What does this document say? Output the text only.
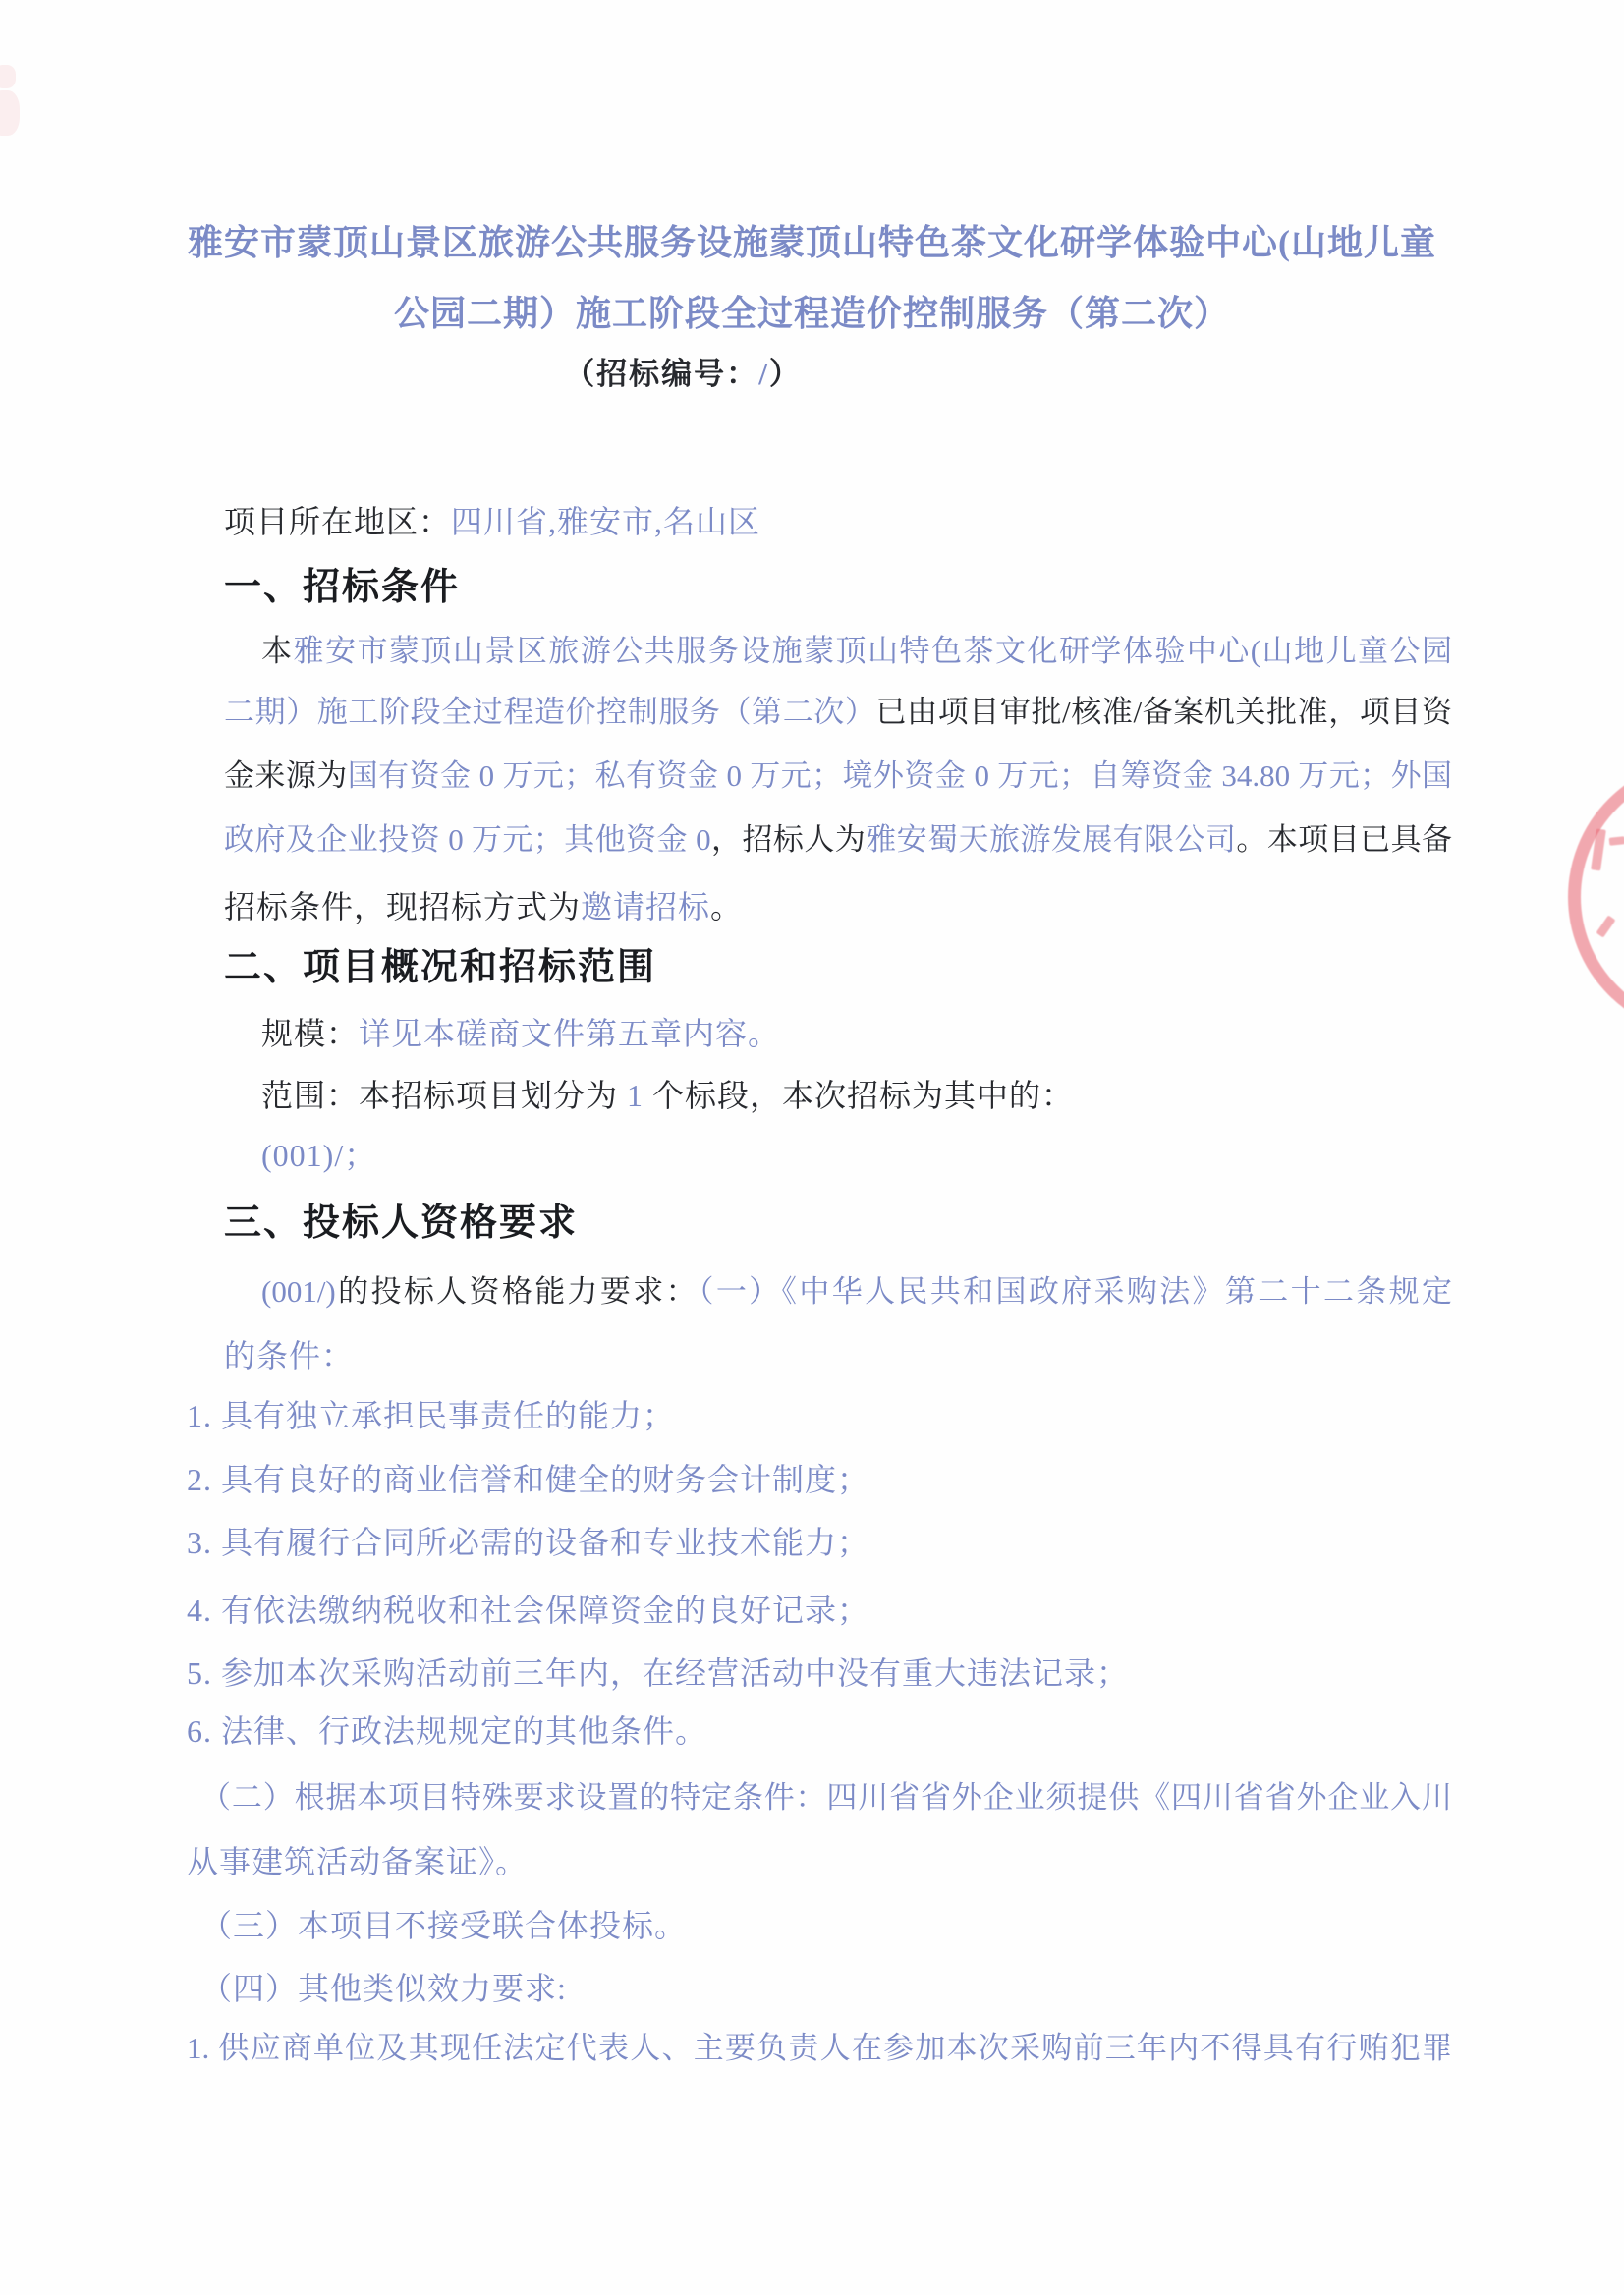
雅安市蒙顶山景区旅游公共服务设施蒙顶山特色茶文化研学体验中心(山地儿童
公园二期）施工阶段全过程造价控制服务（第二次）
（招标编号：/）
项目所在地区：四川省,雅安市,名山区
一、招标条件
本雅安市蒙顶山景区旅游公共服务设施蒙顶山特色茶文化研学体验中心(山地儿童公园
二期）施工阶段全过程造价控制服务（第二次）已由项目审批/核准/备案机关批准，项目资
金来源为国有资金 0 万元；私有资金 0 万元；境外资金 0 万元；自筹资金 34.80 万元；外国
政府及企业投资 0 万元；其他资金 0，招标人为雅安蜀天旅游发展有限公司。本项目已具备
招标条件，现招标方式为邀请招标。
二、项目概况和招标范围
规模：详见本磋商文件第五章内容。
范围：本招标项目划分为 1 个标段，本次招标为其中的：
(001)/；
三、投标人资格要求
(001/)的投标人资格能力要求：（一）《中华人民共和国政府采购法》第二十二条规定
的条件：
1. 具有独立承担民事责任的能力；
2. 具有良好的商业信誉和健全的财务会计制度；
3. 具有履行合同所必需的设备和专业技术能力；
4. 有依法缴纳税收和社会保障资金的良好记录；
5. 参加本次采购活动前三年内，在经营活动中没有重大违法记录；
6. 法律、行政法规规定的其他条件。
（二）根据本项目特殊要求设置的特定条件：四川省省外企业须提供《四川省省外企业入川
从事建筑活动备案证》。
（三）本项目不接受联合体投标。
（四）其他类似效力要求:
1. 供应商单位及其现任法定代表人、主要负责人在参加本次采购前三年内不得具有行贿犯罪
